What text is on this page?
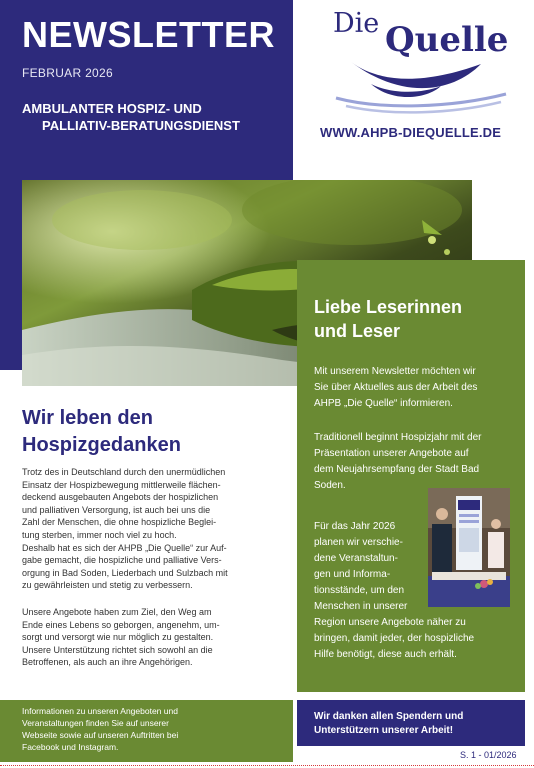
NEWSLETTER
FEBRUAR 2026
AMBULANTER HOSPIZ- UND
PALLIATIV-BERATUNGSDIENST
Die Quelle
WWW.AHPB-DIEQUELLE.DE
Liebe Leserinnen
und Leser

Mit unserem Newsletter möchten wir
Sie über Aktuelles aus der Arbeit des
AHPB „Die Quelle“ informieren.

Traditionell beginnt Hospizjahr mit der
Präsentation unserer Angebote auf
dem Neujahrsempfang der Stadt Bad
Soden.

Für das Jahr 2026
planen wir verschie-
dene Veranstaltun-
gen und Informa-
tionsstände, um den
Menschen in unserer
Region unsere Angebote näher zu
bringen, damit jeder, der hospizliche
Hilfe benötigt, diese auch erhält.

Wir leben den
Hospizgedanken

Trotz des in Deutschland durch den unermüdlichen
Einsatz der Hospizbewegung mittlerweile flächen-
deckend ausgebauten Angebots der hospizlichen
und palliativen Versorgung, ist auch bei uns die
Zahl der Menschen, die ohne hospizliche Beglei-
tung sterben, immer noch viel zu hoch.
Deshalb hat es sich der AHPB „Die Quelle“ zur Auf-
gabe gemacht, die hospizliche und palliative Vers-
orgung in Bad Soden, Liederbach und Sulzbach mit
zu gewährleisten und stetig zu verbessern.

Unsere Angebote haben zum Ziel, den Weg am
Ende eines Lebens so geborgen, angenehm, um-
sorgt und versorgt wie nur möglich zu gestalten.
Unsere Unterstützung richtet sich sowohl an die
Betroffenen, als auch an ihre Angehörigen.

Informationen zu unseren Angeboten und
Veranstaltungen finden Sie auf unserer
Webseite sowie auf unseren Auftritten bei
Facebook und Instagram.
Wir danken allen Spendern und
Unterstützern unserer Arbeit!
S. 1 - 01/2026
